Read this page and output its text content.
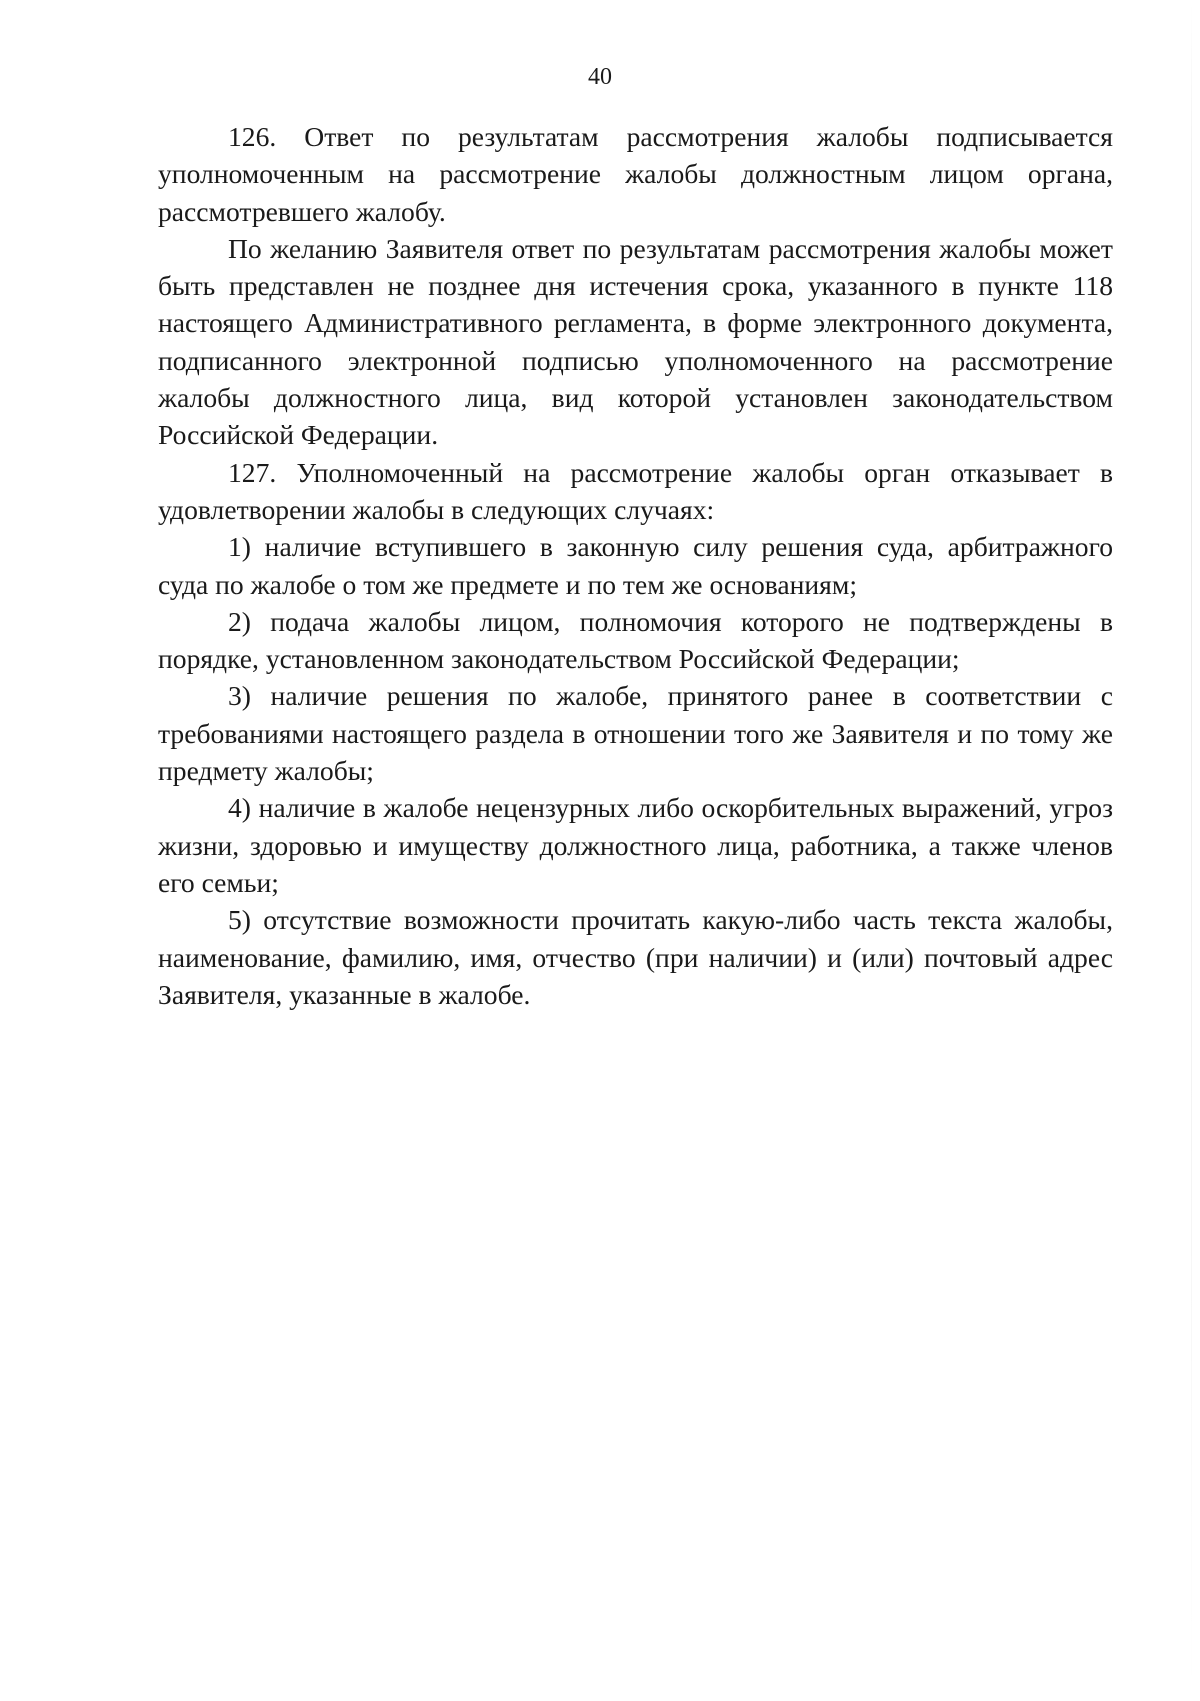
40

126. Ответ по результатам рассмотрения жалобы подписывается уполномоченным на рассмотрение жалобы должностным лицом органа, рассмотревшего жалобу.

По желанию Заявителя ответ по результатам рассмотрения жалобы может быть представлен не позднее дня истечения срока, указанного в пункте 118 настоящего Административного регламента, в форме электронного документа, подписанного электронной подписью уполномоченного на рассмотрение жалобы должностного лица, вид которой установлен законодательством Российской Федерации.

127. Уполномоченный на рассмотрение жалобы орган отказывает в удовлетворении жалобы в следующих случаях:

1) наличие вступившего в законную силу решения суда, арбитражного суда по жалобе о том же предмете и по тем же основаниям;

2) подача жалобы лицом, полномочия которого не подтверждены в порядке, установленном законодательством Российской Федерации;

3) наличие решения по жалобе, принятого ранее в соответствии с требованиями настоящего раздела в отношении того же Заявителя и по тому же предмету жалобы;

4) наличие в жалобе нецензурных либо оскорбительных выражений, угроз жизни, здоровью и имуществу должностного лица, работника, а также членов его семьи;

5) отсутствие возможности прочитать какую-либо часть текста жалобы, наименование, фамилию, имя, отчество (при наличии) и (или) почтовый адрес Заявителя, указанные в жалобе.
